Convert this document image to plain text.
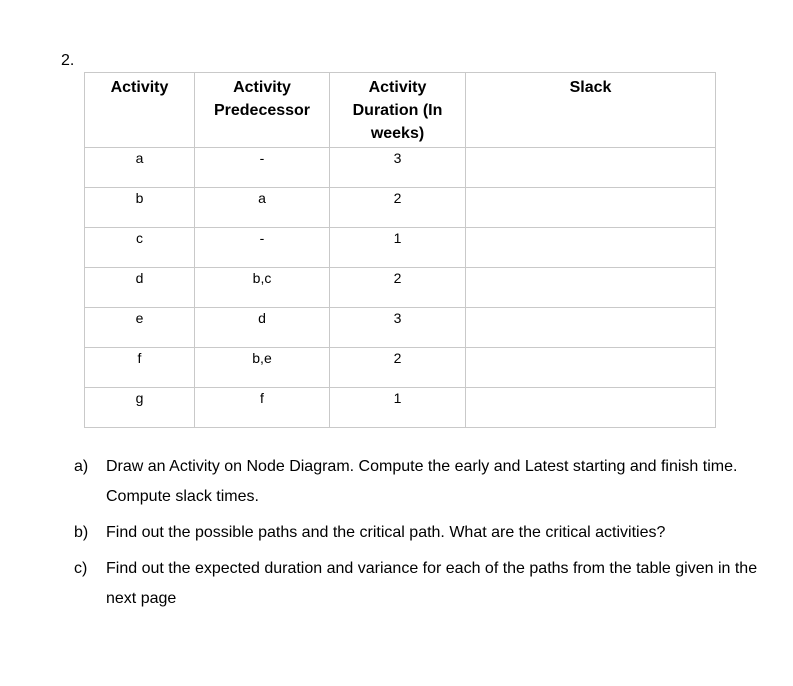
2.
Activity	Activity Predecessor	Activity Duration (In weeks)	Slack
a	-	3	
b	a	2	
c	-	1	
d	b,c	2	
e	d	3	
f	b,e	2	
g	f	1	
a) Draw an Activity on Node Diagram. Compute the early and Latest starting and finish time. Compute slack times.
b) Find out the possible paths and the critical path. What are the critical activities?
c) Find out the expected duration and variance for each of the paths from the table given in the next page
